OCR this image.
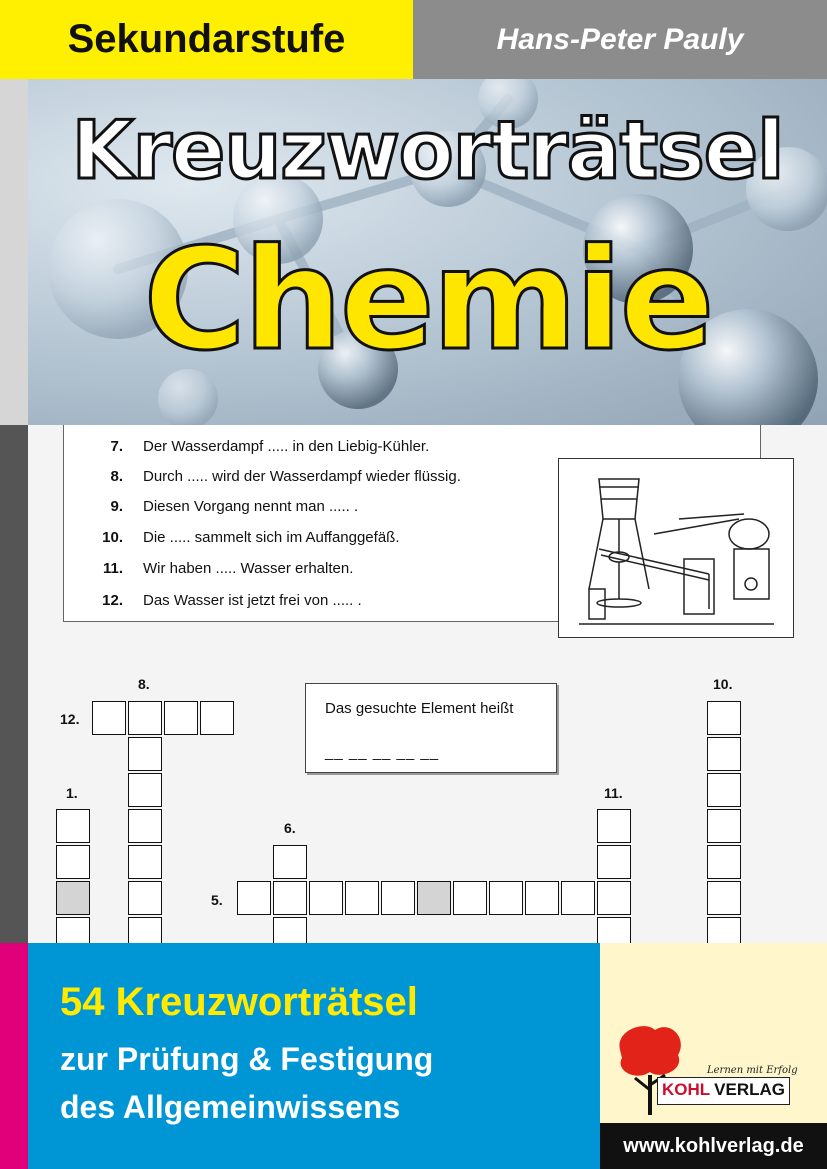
Sekundarstufe	Hans-Peter Pauly
Kreuzworträtsel
Chemie
7. Der Wasserdampf ..... in den Liebig-Kühler.
8. Durch ..... wird der Wasserdampf wieder flüssig.
9. Diesen Vorgang nennt man ..... .
10. Die ..... sammelt sich im Auffanggefäß.
11. Wir haben ..... Wasser erhalten.
12. Das Wasser ist jetzt frei von ..... .
Das gesuchte Element heißt
__ __ __ __ __
8.	10.
12.
1.	11.
6.
5.
54 Kreuzworträtsel
zur Prüfung & Festigung
des Allgemeinwissens
Lernen mit Erfolg
KOHL VERLAG
www.kohlverlag.de
